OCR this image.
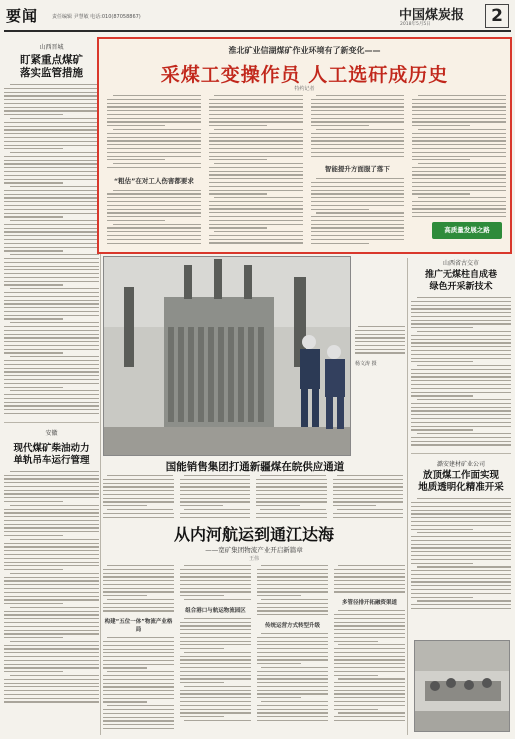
要闻	责任编辑 尹慧敏 电话:010(87058867)	中国煤炭报
2018年5月5日	2
山西晋城
盯紧重点煤矿
落实监管措施
安徽
现代煤矿柴油动力
单轨吊车运行管理
淮北矿业信湖煤矿作业环境有了新变化——
采煤工变操作员 人工选矸成历史
特约记者
“粗估”在对工人伤害都要求
智能提升方面服了落下
高质量发展之路
杨文涛 摄
山西省古交市
推广无煤柱自成巷
绿色开采新技术
潞安建材矿业公司
放顶煤工作面实现
地质透明化精准开采
国能销售集团打通新疆煤在皖供应通道
从内河航运到通江达海
——宽矿集团物流产业开启新篇章
王伟
构建“五位一体”物流产业格局
组合港口与航运物流园区
传统运营方式转型升级
多管径排开拓融资渠道
